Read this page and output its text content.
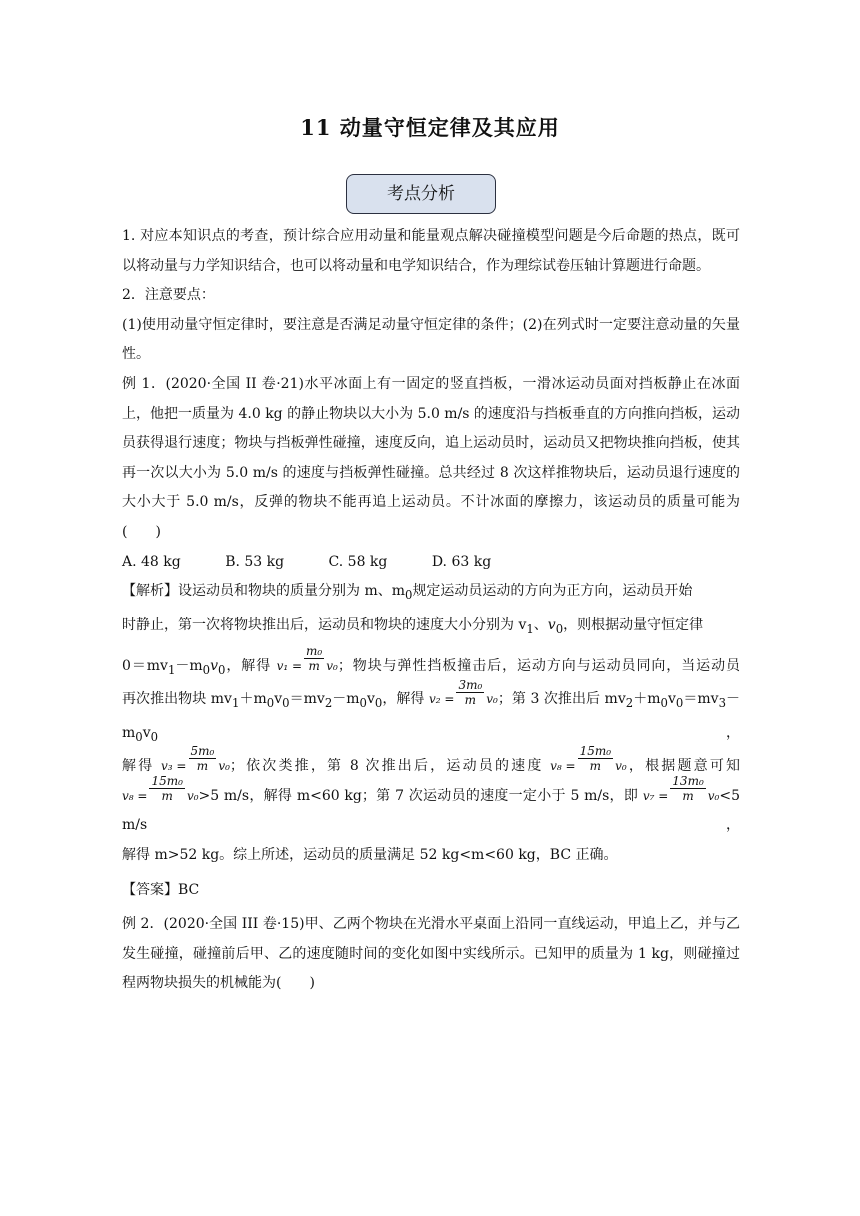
11 动量守恒定律及其应用
考点分析

1. 对应本知识点的考查，预计综合应用动量和能量观点解决碰撞模型问题是今后命题的热点，既可以将动量与力学知识结合，也可以将动量和电学知识结合，作为理综试卷压轴计算题进行命题。

2．注意要点：

(1)使用动量守恒定律时，要注意是否满足动量守恒定律的条件；(2)在列式时一定要注意动量的矢量性。

例 1．(2020·全国 II 卷·21)水平冰面上有一固定的竖直挡板，一滑冰运动员面对挡板静止在冰面上，他把一质量为 4.0 kg 的静止物块以大小为 5.0 m/s 的速度沿与挡板垂直的方向推向挡板，运动员获得退行速度；物块与挡板弹性碰撞，速度反向，追上运动员时，运动员又把物块推向挡板，使其再一次以大小为 5.0 m/s 的速度与挡板弹性碰撞。总共经过 8 次这样推物块后，运动员退行速度的大小大于 5.0 m/s，反弹的物块不能再追上运动员。不计冰面的摩擦力，该运动员的质量可能为(　　)

A. 48 kg	B. 53 kg	C. 58 kg	D. 63 kg

【解析】设运动员和物块的质量分别为 m、$m_0$规定运动员运动的方向为正方向，运动员开始

时静止，第一次将物块推出后，运动员和物块的速度大小分别为 $v_1$、$v_0$，则根据动量守恒定律

$0=mv_1-m_0v_0$，解得 $v_1 = \frac{\text{m₀}}{m} v_0$ ；物块与弹性挡板撞击后，运动方向与运动员同向，当运动员

再次推出物块 $mv_1+m_0v_0=mv_2-m_0v_0$，解得 $v_2 = \frac{\text{3m₀}}{m} v_0$ ；第 3 次推出后 $mv_2+m_0v_0=mv_3-m_0v_0$，

解得 $v_3 = \frac{\text{5m₀}}{m} v_0$ ；依次类推，第 8 次推出后，运动员的速度 $v_8 = \frac{\text{15m₀}}{m} v_0$ ，根据题意可知

$v_8 = \frac{\text{15m₀}}{m} v_0 >5$ m/s，解得 m<60 kg；第 7 次运动员的速度一定小于 5 m/s，即 $v_7 = \frac{\text{13m₀}}{m} v_0 <5$ m/s，

解得 m>52 kg。综上所述，运动员的质量满足 52 kg<m<60 kg，BC 正确。

【答案】BC

例 2．(2020·全国 III 卷·15)甲、乙两个物块在光滑水平桌面上沿同一直线运动，甲追上乙，并与乙发生碰撞，碰撞前后甲、乙的速度随时间的变化如图中实线所示。已知甲的质量为 1 kg，则碰撞过程两物块损失的机械能为(　　)
